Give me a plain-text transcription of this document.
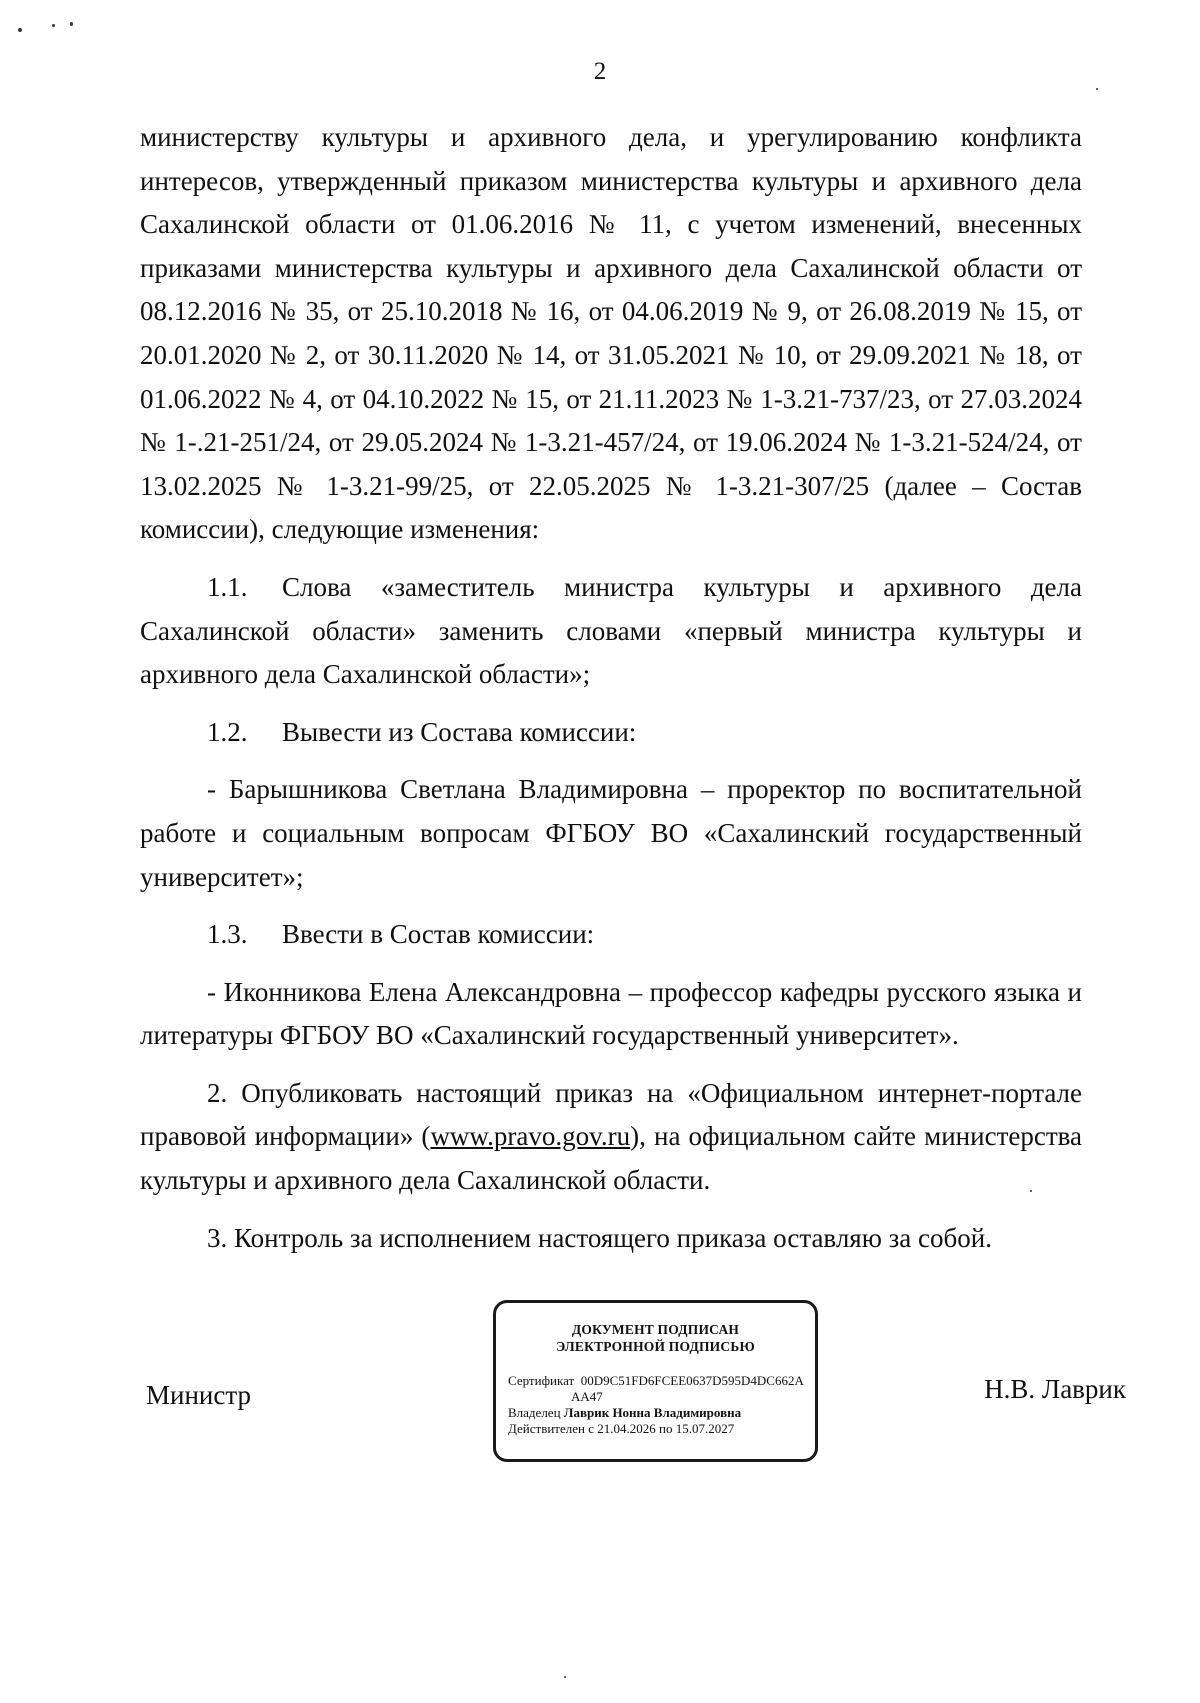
2

министерству культуры и архивного дела, и урегулированию конфликта интересов, утвержденный приказом министерства культуры и архивного дела Сахалинской области от 01.06.2016 № 11, с учетом изменений, внесенных приказами министерства культуры и архивного дела Сахалинской области от 08.12.2016 № 35, от 25.10.2018 № 16, от 04.06.2019 № 9, от 26.08.2019 № 15, от 20.01.2020 № 2, от 30.11.2020 № 14, от 31.05.2021 № 10, от 29.09.2021 № 18, от 01.06.2022 № 4, от 04.10.2022 № 15, от 21.11.2023 № 1-3.21-737/23, от 27.03.2024 № 1-.21-251/24, от 29.05.2024 № 1-3.21-457/24, от 19.06.2024 № 1-3.21-524/24, от 13.02.2025 № 1-3.21-99/25, от 22.05.2025 № 1-3.21-307/25 (далее – Состав комиссии), следующие изменения:

1.1.	Слова «заместитель министра культуры и архивного дела Сахалинской области» заменить словами «первый министра культуры и архивного дела Сахалинской области»;

1.2.	Вывести из Состава комиссии:

- Барышникова Светлана Владимировна – проректор по воспитательной работе и социальным вопросам ФГБОУ ВО «Сахалинский государственный университет»;

1.3.	Ввести в Состав комиссии:

- Иконникова Елена Александровна – профессор кафедры русского языка и литературы ФГБОУ ВО «Сахалинский государственный университет».

2. Опубликовать настоящий приказ на «Официальном интернет-портале правовой информации» (www.pravo.gov.ru), на официальном сайте министерства культуры и архивного дела Сахалинской области.

3. Контроль за исполнением настоящего приказа оставляю за собой.

Министр
ДОКУМЕНТ ПОДПИСАН
ЭЛЕКТРОННОЙ ПОДПИСЬЮ
Сертификат 00D9C51FD6FCEE0637D595D4DC662A
AA47
Владелец Лаврик Нонна Владимировна
Действителен с 21.04.2026 по 15.07.2027
Н.В. Лаврик
